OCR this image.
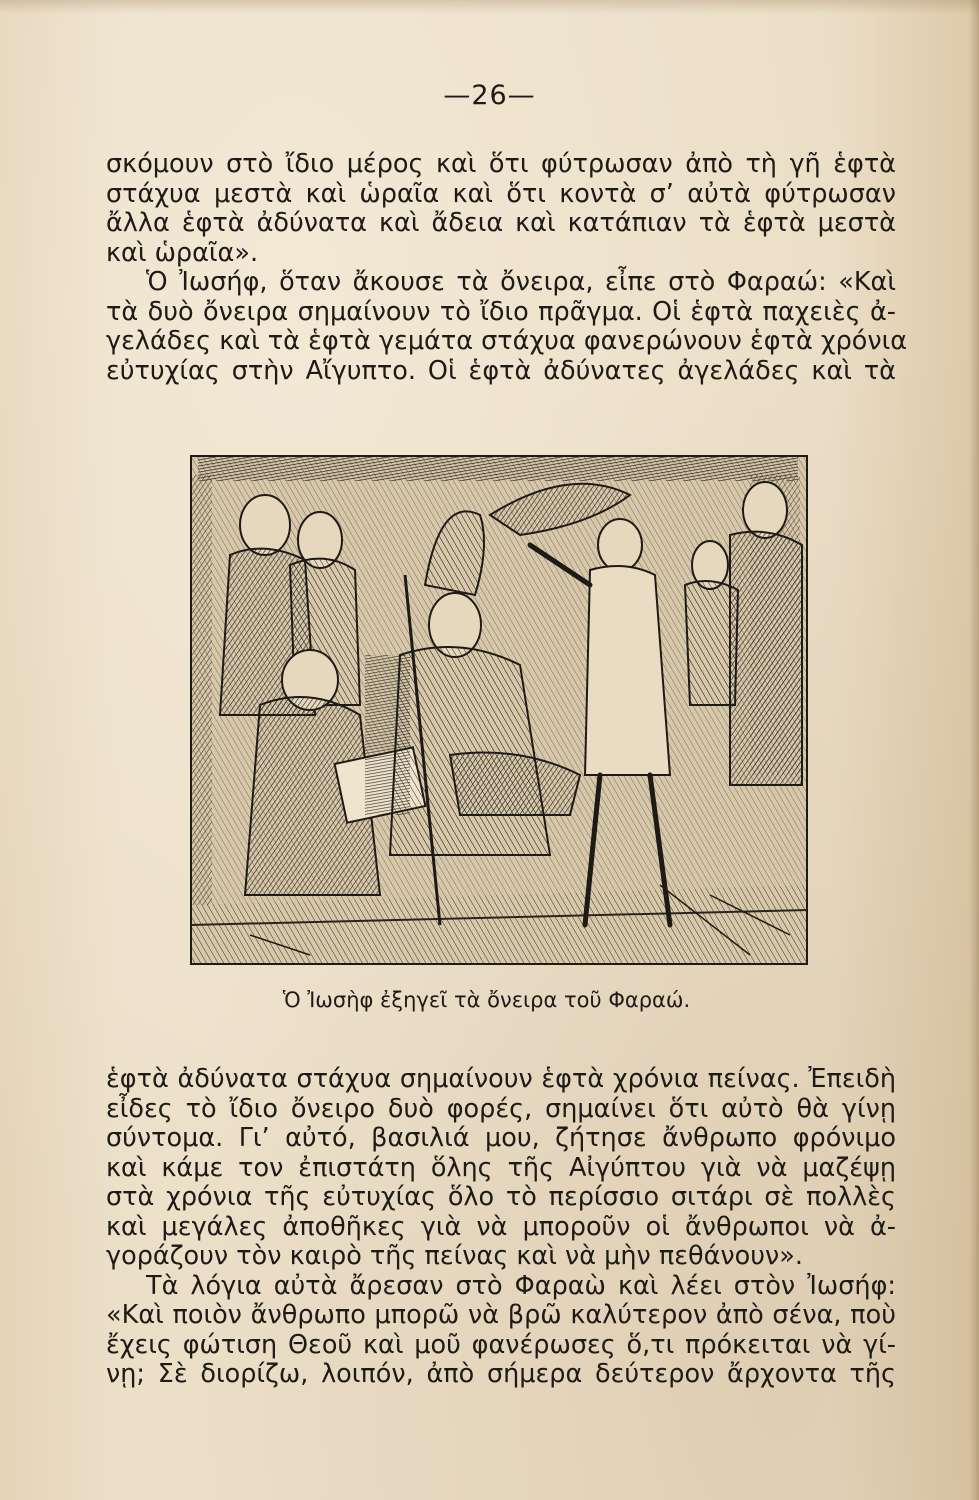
—26—

σκόμουν στὸ ἴδιο μέρος καὶ ὅτι φύτρωσαν ἀπὸ τὴ γῆ ἑφτὰ
στάχυα μεστὰ καὶ ὡραῖα καὶ ὅτι κοντὰ σ’ αὐτὰ φύτρωσαν
ἄλλα ἑφτὰ ἀδύνατα καὶ ἄδεια καὶ κατάπιαν τὰ ἑφτὰ μεστὰ
καὶ ὡραῖα».

Ὁ Ἰωσήφ, ὅταν ἄκουσε τὰ ὄνειρα, εἶπε στὸ Φαραώ: «Καὶ
τὰ δυὸ ὄνειρα σημαίνουν τὸ ἴδιο πρᾶγμα. Οἱ ἑφτὰ παχειὲς ἀ-
γελάδες καὶ τὰ ἑφτὰ γεμάτα στάχυα φανερώνουν ἑφτὰ χρόνια
εὐτυχίας στὴν Αἴγυπτο. Οἱ ἑφτὰ ἀδύνατες ἀγελάδες καὶ τὰ

Ὁ Ἰωσὴφ ἐξηγεῖ τὰ ὄνειρα τοῦ Φαραώ.

ἑφτὰ ἀδύνατα στάχυα σημαίνουν ἑφτὰ χρόνια πείνας. Ἐπειδὴ
εἶδες τὸ ἴδιο ὄνειρο δυὸ φορές, σημαίνει ὅτι αὐτὸ θὰ γίνῃ
σύντομα. Γι’ αὐτό, βασιλιά μου, ζήτησε ἄνθρωπο φρόνιμο
καὶ κάμε τον ἐπιστάτη ὅλης τῆς Αἰγύπτου γιὰ νὰ μαζέψῃ
στὰ χρόνια τῆς εὐτυχίας ὅλο τὸ περίσσιο σιτάρι σὲ πολλὲς
καὶ μεγάλες ἀποθῆκες γιὰ νὰ μποροῦν οἱ ἄνθρωποι νὰ ἀ-
γοράζουν τὸν καιρὸ τῆς πείνας καὶ νὰ μὴν πεθάνουν».

Τὰ λόγια αὐτὰ ἄρεσαν στὸ Φαραὼ καὶ λέει στὸν Ἰωσήφ:
«Καὶ ποιὸν ἄνθρωπο μπορῶ νὰ βρῶ καλύτερον ἀπὸ σένα, ποὺ
ἔχεις φώτιση Θεοῦ καὶ μοῦ φανέρωσες ὅ,τι πρόκειται νὰ γί-
νῃ; Σὲ διορίζω, λοιπόν, ἀπὸ σήμερα δεύτερον ἄρχοντα τῆς
